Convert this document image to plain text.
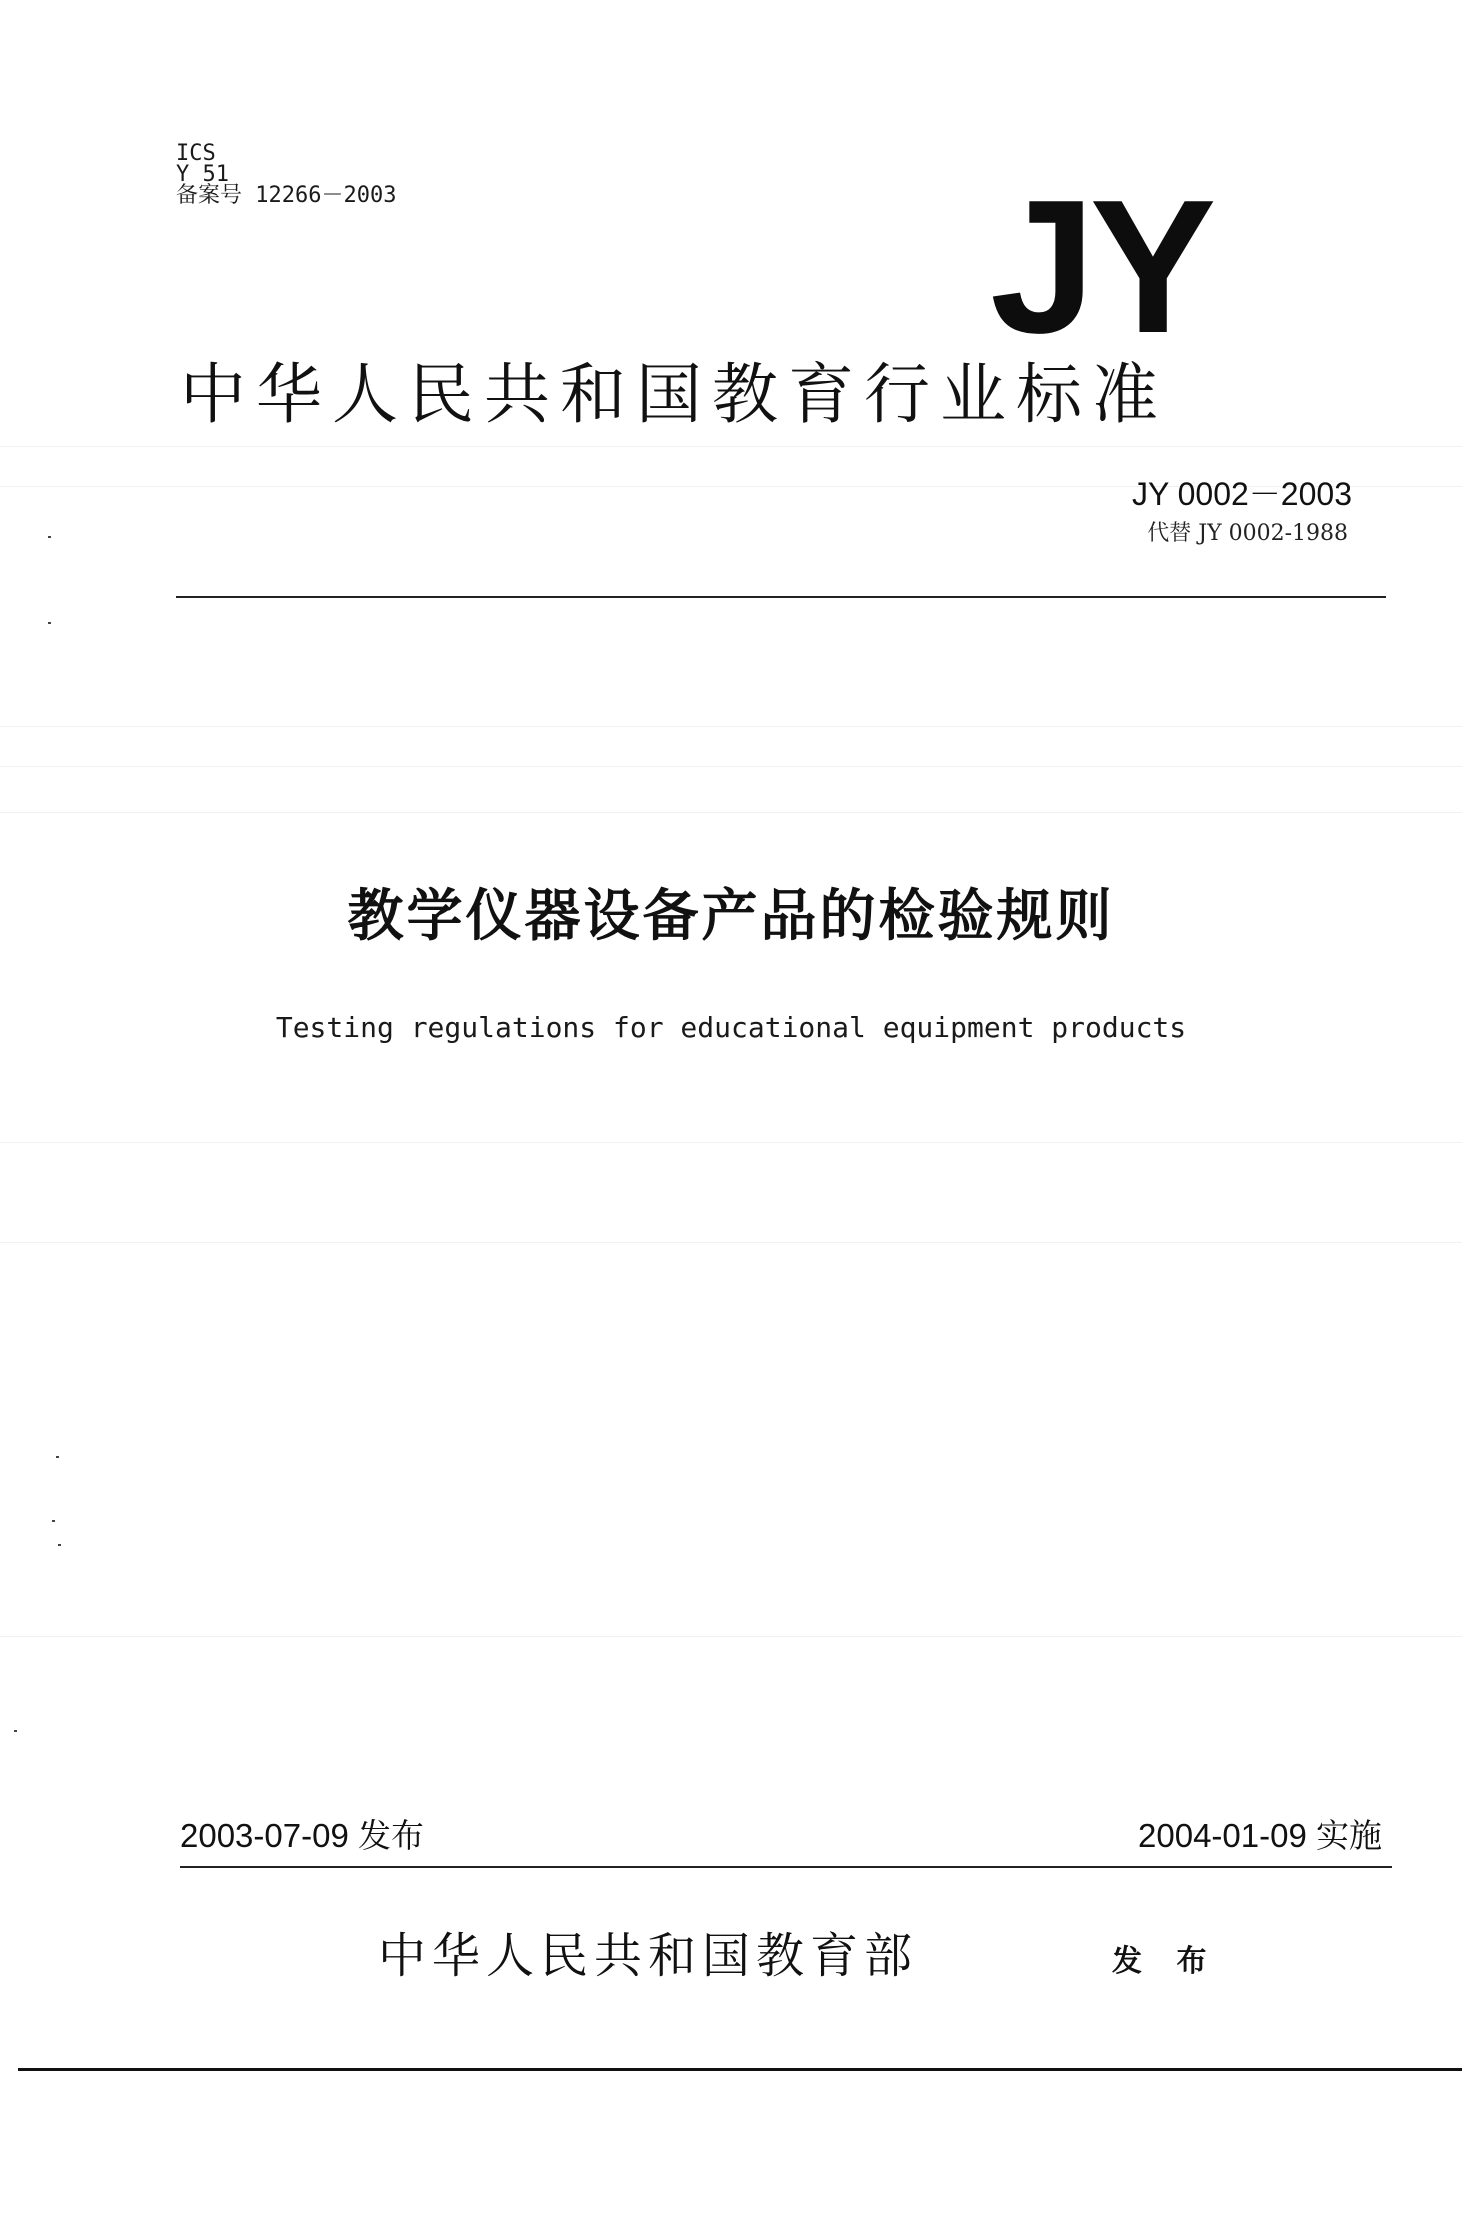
ICS
Y 51
备案号 12266－2003	JY
中华人民共和国教育行业标准
JY 0002－2003
代替 JY 0002-1988
教学仪器设备产品的检验规则
Testing regulations for educational equipment products
2003-07-09 发布	2004-01-09 实施
中华人民共和国教育部	发 布
